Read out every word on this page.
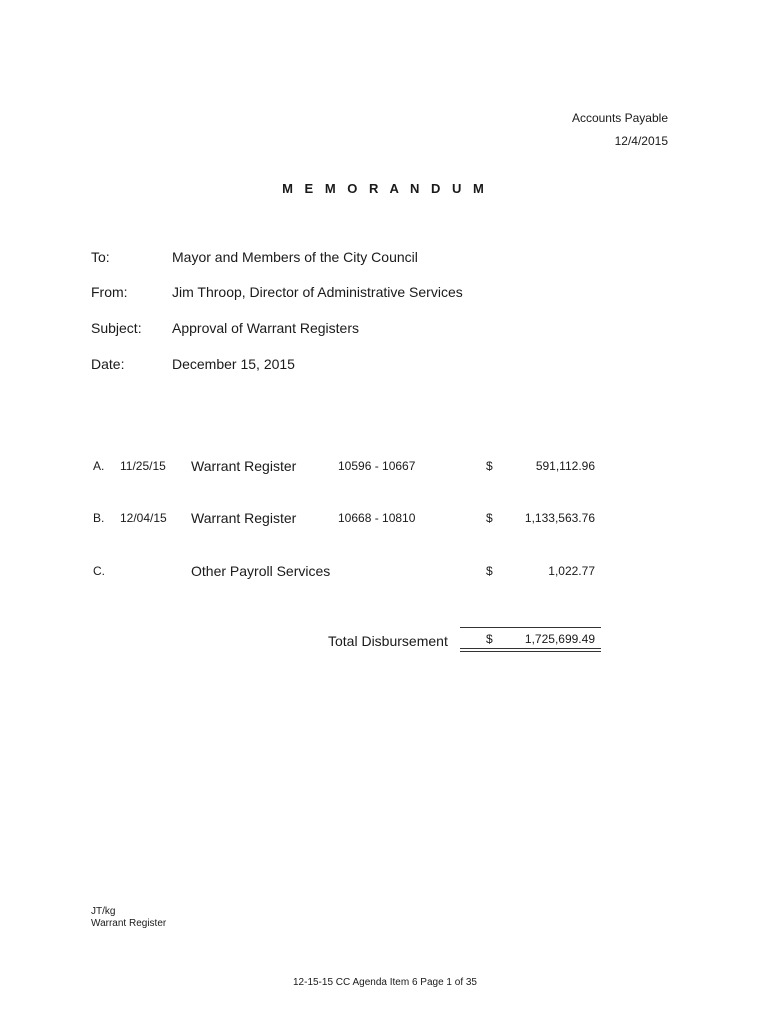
Accounts Payable
12/4/2015
M E M O R A N D U M
To:	Mayor and Members of the City Council
From:	Jim Throop, Director of Administrative Services
Subject: Approval of Warrant Registers
Date:	December 15, 2015
A. 11/25/15 Warrant Register	10596 - 10667	$	591,112.96
B. 12/04/15 Warrant Register	10668 - 10810	$	1,133,563.76
C.	Other Payroll Services	$	1,022.77
Total Disbursement	$	1,725,699.49
JT/kg
Warrant Register
12-15-15 CC Agenda Item 6 Page 1 of 35
